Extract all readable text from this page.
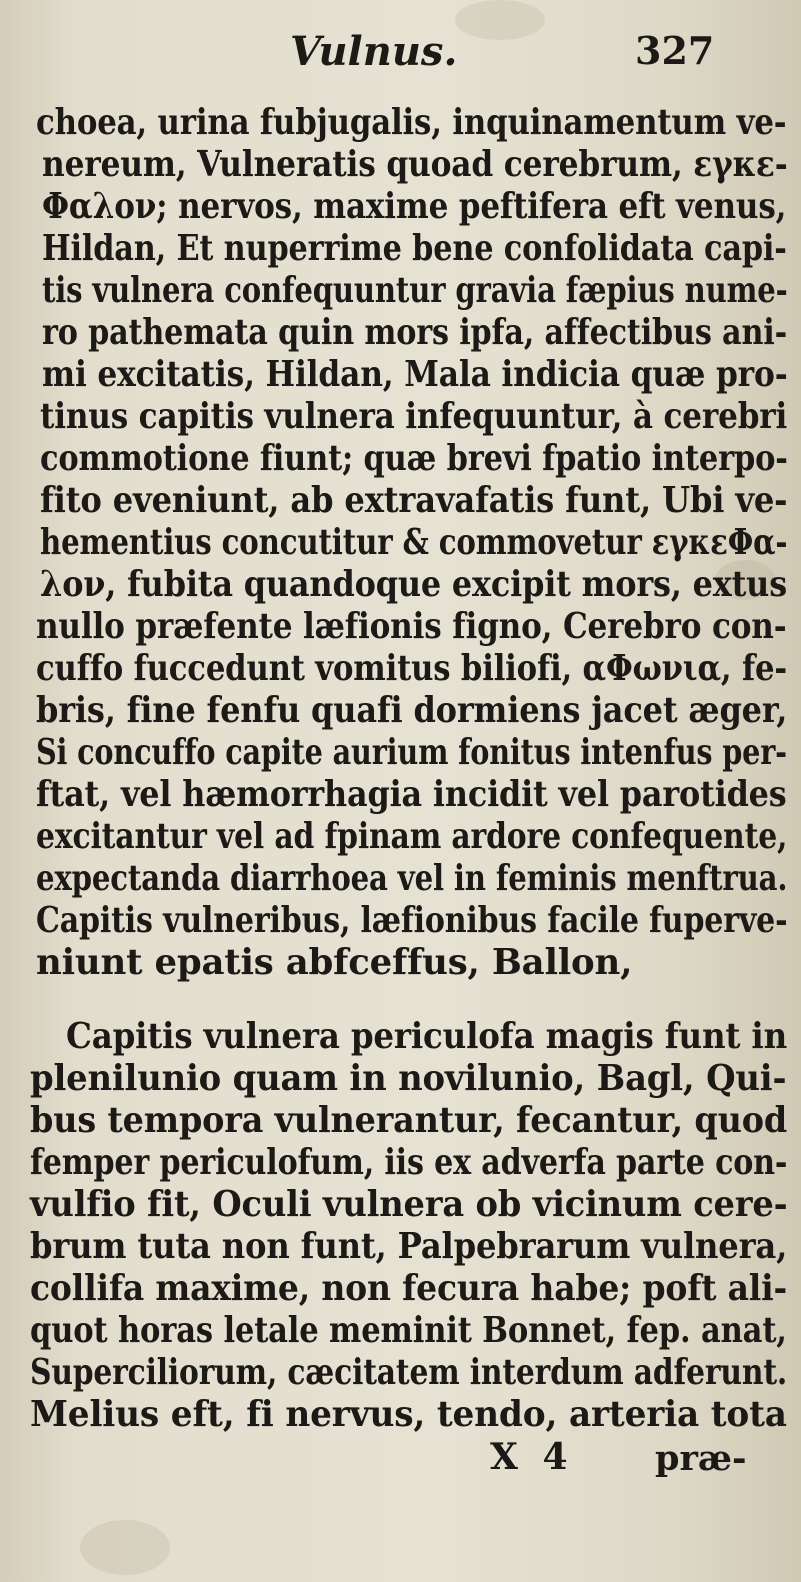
Vulnus.	327
choea, urina fubjugalis, inquinamentum ve-
nereum, Vulneratis quoad cerebrum, εγκε-
Φαλον; nervos, maxime peftifera eft venus,
Hildan, Et nuperrime bene confolidata capi-
tis vulnera confequuntur gravia fæpius nume-
ro pathemata quin mors ipfa, affectibus ani-
mi excitatis, Hildan, Mala indicia quæ pro-
tinus capitis vulnera infequuntur, à cerebri
commotione fiunt; quæ brevi fpatio interpo-
fito eveniunt, ab extravafatis funt, Ubi ve-
hementius concutitur & commovetur εγκεΦα-
λον, fubita quandoque excipit mors, extus
nullo præfente læfionis figno, Cerebro con-
cuffo fuccedunt vomitus biliofi, αΦωνια, fe-
bris, fine fenfu quafi dormiens jacet æger,
Si concuffo capite aurium fonitus intenfus per-
ftat, vel hæmorrhagia incidit vel parotides
excitantur vel ad fpinam ardore confequente,
expectanda diarrhoea vel in feminis menftrua.
Capitis vulneribus, læfionibus facile fuperve-
niunt epatis abfceffus, Ballon,
Capitis vulnera periculofa magis funt in
plenilunio quam in novilunio, Bagl, Qui-
bus tempora vulnerantur, fecantur, quod
femper periculofum, iis ex adverfa parte con-
vulfio fit, Oculi vulnera ob vicinum cere-
brum tuta non funt, Palpebrarum vulnera,
collifa maxime, non fecura habe; poft ali-
quot horas letale meminit Bonnet, fep. anat,
Superciliorum, cæcitatem interdum adferunt.
Melius eft, fi nervus, tendo, arteria tota
X 4 præ-
